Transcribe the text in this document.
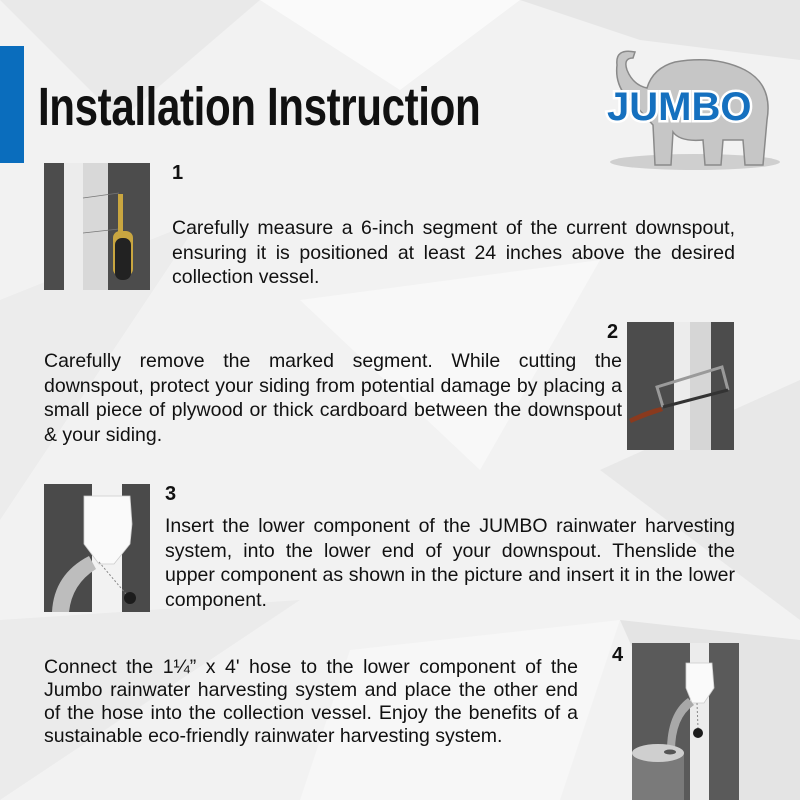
Installation Instruction	JUMBO
1
Carefully measure a 6-inch segment of the current downspout, ensuring it is positioned at least 24 inches above the desired collection vessel.
2
Carefully remove the marked segment. While cutting the downspout, protect your siding from potential damage by placing a small piece of plywood or thick cardboard between the downspout & your siding.
3
Insert the lower component of the JUMBO rainwater harvesting system, into the lower end of your downspout. Thenslide the upper component as shown in the picture and insert it in the lower component.
Connect the 1¼” x 4' hose to the lower component of the Jumbo rainwater harvesting system and place the other end of the hose into the collection vessel. Enjoy the benefits of a sustainable eco-friendly rainwater harvesting system.
4
